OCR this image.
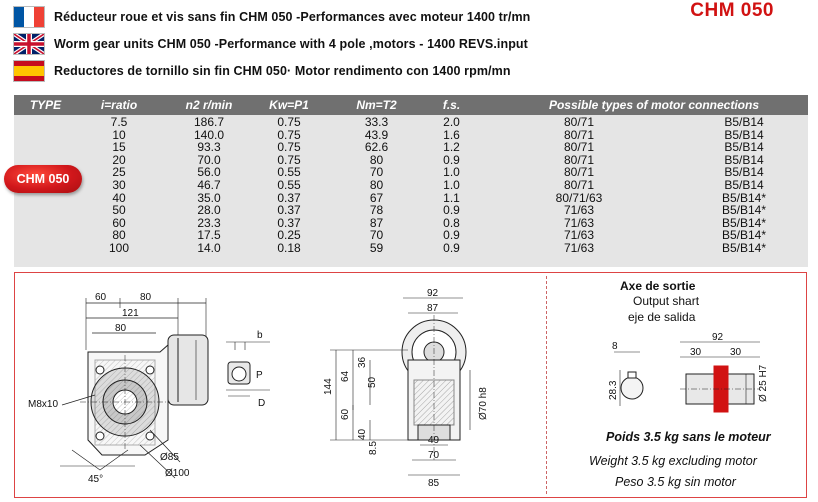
Réducteur roue et vis sans fin CHM 050 -Performances avec moteur 1400 tr/mn
Worm gear units CHM 050 -Performance with 4 pole ,motors - 1400 REVS.input
Reductores de tornillo sin fin CHM 050· Motor rendimento con 1400 rpm/mn
CHM 050
TYPE	i=ratio	n2 r/min	Kw=P1	Nm=T2	f.s.	Possible types of motor connections
7.5	186.7	0.75	33.3	2.0	80/71	B5/B14
10	140.0	0.75	43.9	1.6	80/71	B5/B14
15	93.3	0.75	62.6	1.2	80/71	B5/B14
20	70.0	0.75	80	0.9	80/71	B5/B14
25	56.0	0.55	70	1.0	80/71	B5/B14
30	46.7	0.55	80	1.0	80/71	B5/B14
40	35.0	0.37	67	1.1	80/71/63	B5/B14*
50	28.0	0.37	78	0.9	71/63	B5/B14*
60	23.3	0.37	87	0.8	71/63	B5/B14*
80	17.5	0.25	70	0.9	71/63	B5/B14*
100	14.0	0.18	59	0.9	71/63	B5/B14*
CHM 050
60	80
121
80
M8x10
Ø85
Ø100
45°
b
P
D
92
87
144
64
36
50
60
40
8.5
Ø70 h8
49
70
85
8
92
30	30
28.3	Ø 25 H7
Axe de sortie
Output shart
eje de salida
Poids 3.5 kg sans le moteur
Weight 3.5 kg excluding motor
Peso 3.5 kg sin motor
